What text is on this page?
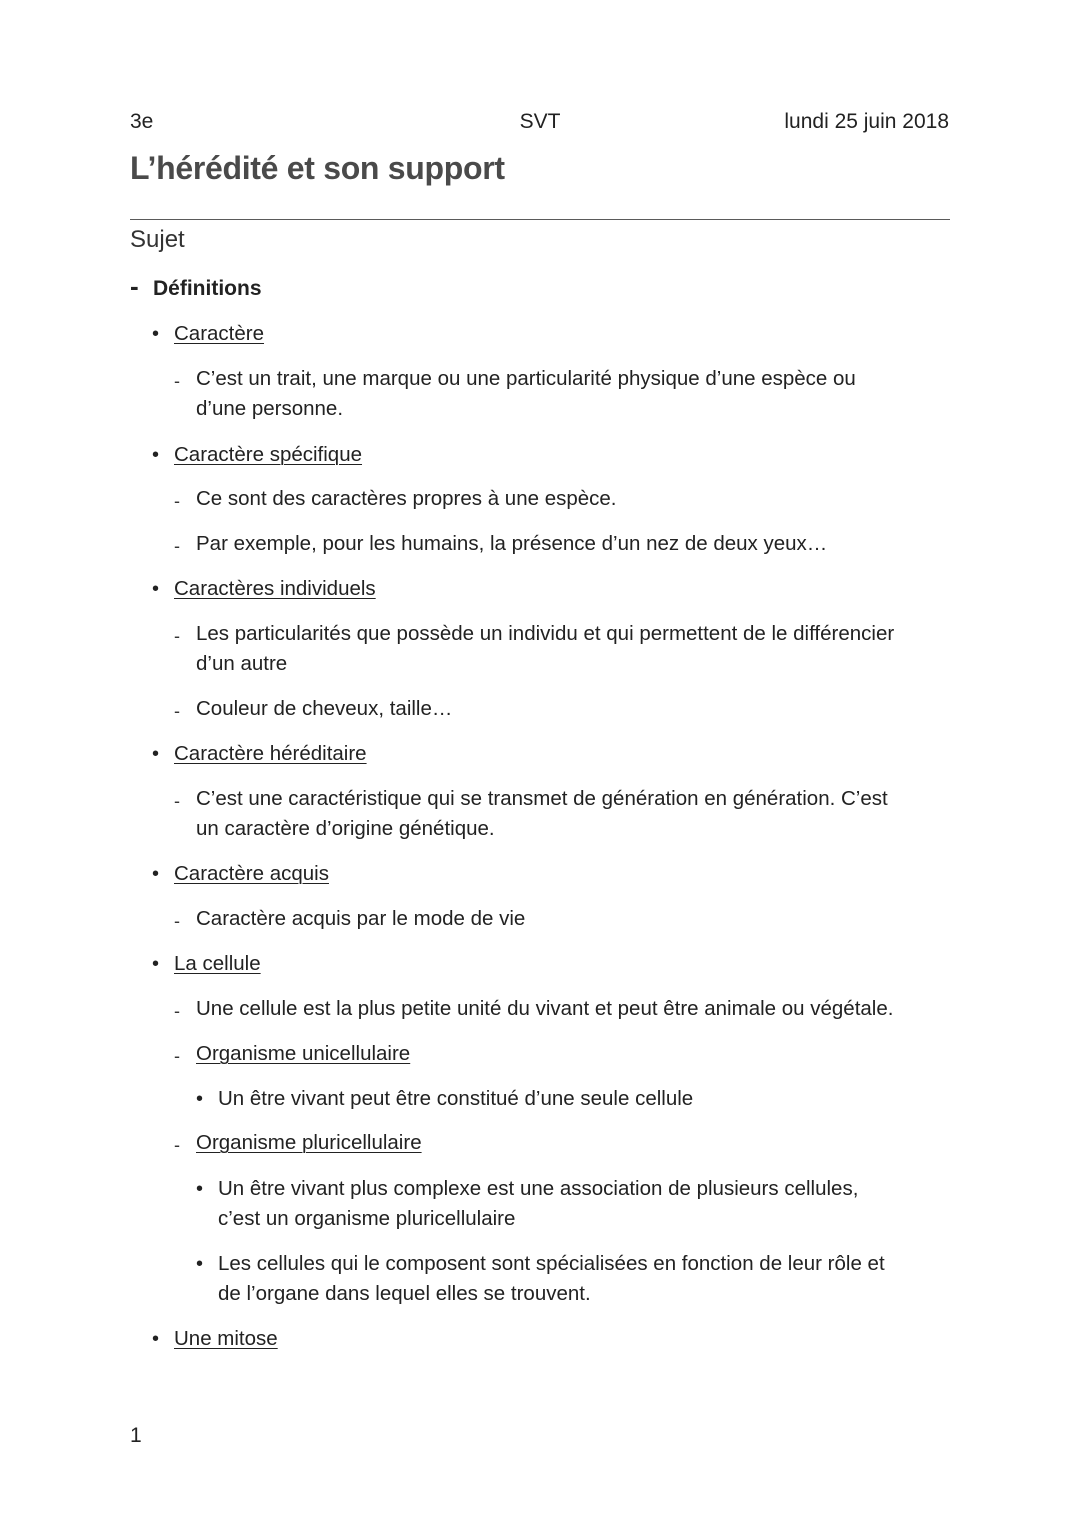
3e	SVT	lundi 25 juin 2018
L’hérédité et son support
Sujet
- Définitions
• Caractère
- C’est un trait, une marque ou une particularité physique d’une espèce ou
d’une personne.
• Caractère spécifique
- Ce sont des caractères propres à une espèce.
- Par exemple, pour les humains, la présence d’un nez de deux yeux…
• Caractères individuels
- Les particularités que possède un individu et qui permettent de le différencier
d’un autre
- Couleur de cheveux, taille…
• Caractère héréditaire
- C’est une caractéristique qui se transmet de génération en génération. C’est
un caractère d’origine génétique.
• Caractère acquis
- Caractère acquis par le mode de vie
• La cellule
- Une cellule est la plus petite unité du vivant et peut être animale ou végétale.
- Organisme unicellulaire
• Un être vivant peut être constitué d’une seule cellule
- Organisme pluricellulaire
• Un être vivant plus complexe est une association de plusieurs cellules,
c’est un organisme pluricellulaire
• Les cellules qui le composent sont spécialisées en fonction de leur rôle et
de l’organe dans lequel elles se trouvent.
• Une mitose
1
